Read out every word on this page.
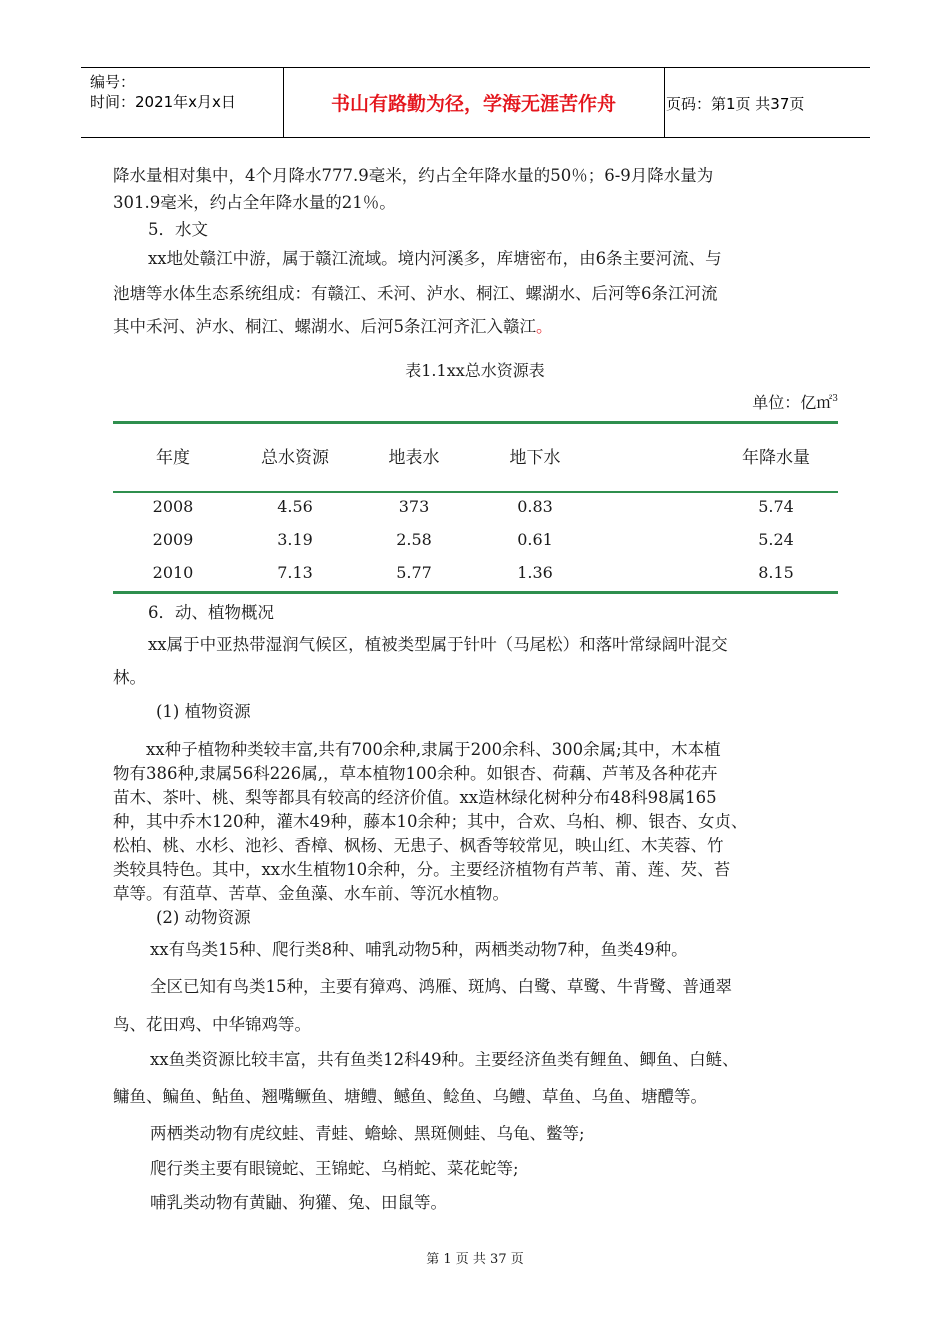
编号：
时间：2021年x月x日	书山有路勤为径，学海无涯苦作舟	页码：第1页 共37页
降水量相对集中，4个月降水777.9毫米，约占全年降水量的50％；6-9月降水量为
301.9毫米，约占全年降水量的21％。
5．水文
xx地处赣江中游，属于赣江流域。境内河溪多，库塘密布，由6条主要河流、与
池塘等水体生态系统组成：有赣江、禾河、泸水、桐江、螺湖水、后河等6条江河流
其中禾河、泸水、桐江、螺湖水、后河5条江河齐汇入赣江。
表1.1xx总水资源表
单位：亿㎡$^3$
年度	总水资源	地表水	地下水	年降水量
2008	4.56	373	0.83	5.74
2009	3.19	2.58	0.61	5.24
2010	7.13	5.77	1.36	8.15
6．动、植物概况
xx属于中亚热带湿润气候区，植被类型属于针叶（马尾松）和落叶常绿阔叶混交
林。
(1) 植物资源
xx种子植物种类较丰富,共有700余种,隶属于200余科、300余属;其中，木本植
物有386种,隶属56科226属,，草本植物100余种。如银杏、荷藕、芦苇及各种花卉
苗木、茶叶、桃、梨等都具有较高的经济价值。xx造林绿化树种分布48科98属165
种，其中乔木120种，灌木49种，藤本10余种；其中，合欢、乌桕、柳、银杏、女贞、
松柏、桃、水杉、池衫、香樟、枫杨、无患子、枫香等较常见，映山红、木芙蓉、竹
类较具特色。其中，xx水生植物10余种，分。主要经济植物有芦苇、莆、莲、芡、苔
草等。有菹草、苦草、金鱼藻、水车前、等沉水植物。
(2) 动物资源
xx有鸟类15种、爬行类8种、哺乳动物5种，两栖类动物7种，鱼类49种。
全区已知有鸟类15种，主要有獐鸡、鸿雁、斑鸠、白鹭、草鹭、牛背鹭、普通翠
鸟、花田鸡、中华锦鸡等。
xx鱼类资源比较丰富，共有鱼类12科49种。主要经济鱼类有鲤鱼、鲫鱼、白鲢、
鳙鱼、鳊鱼、鲇鱼、翘嘴鳜鱼、塘鳢、鳡鱼、鲶鱼、乌鳢、草鱼、乌鱼、塘醴等。
两栖类动物有虎纹蛙、青蛙、蟾蜍、黑斑侧蛙、乌龟、鳖等;
爬行类主要有眼镜蛇、王锦蛇、乌梢蛇、菜花蛇等;
哺乳类动物有黄鼬、狗獾、兔、田鼠等。
第 1 页 共 37 页
